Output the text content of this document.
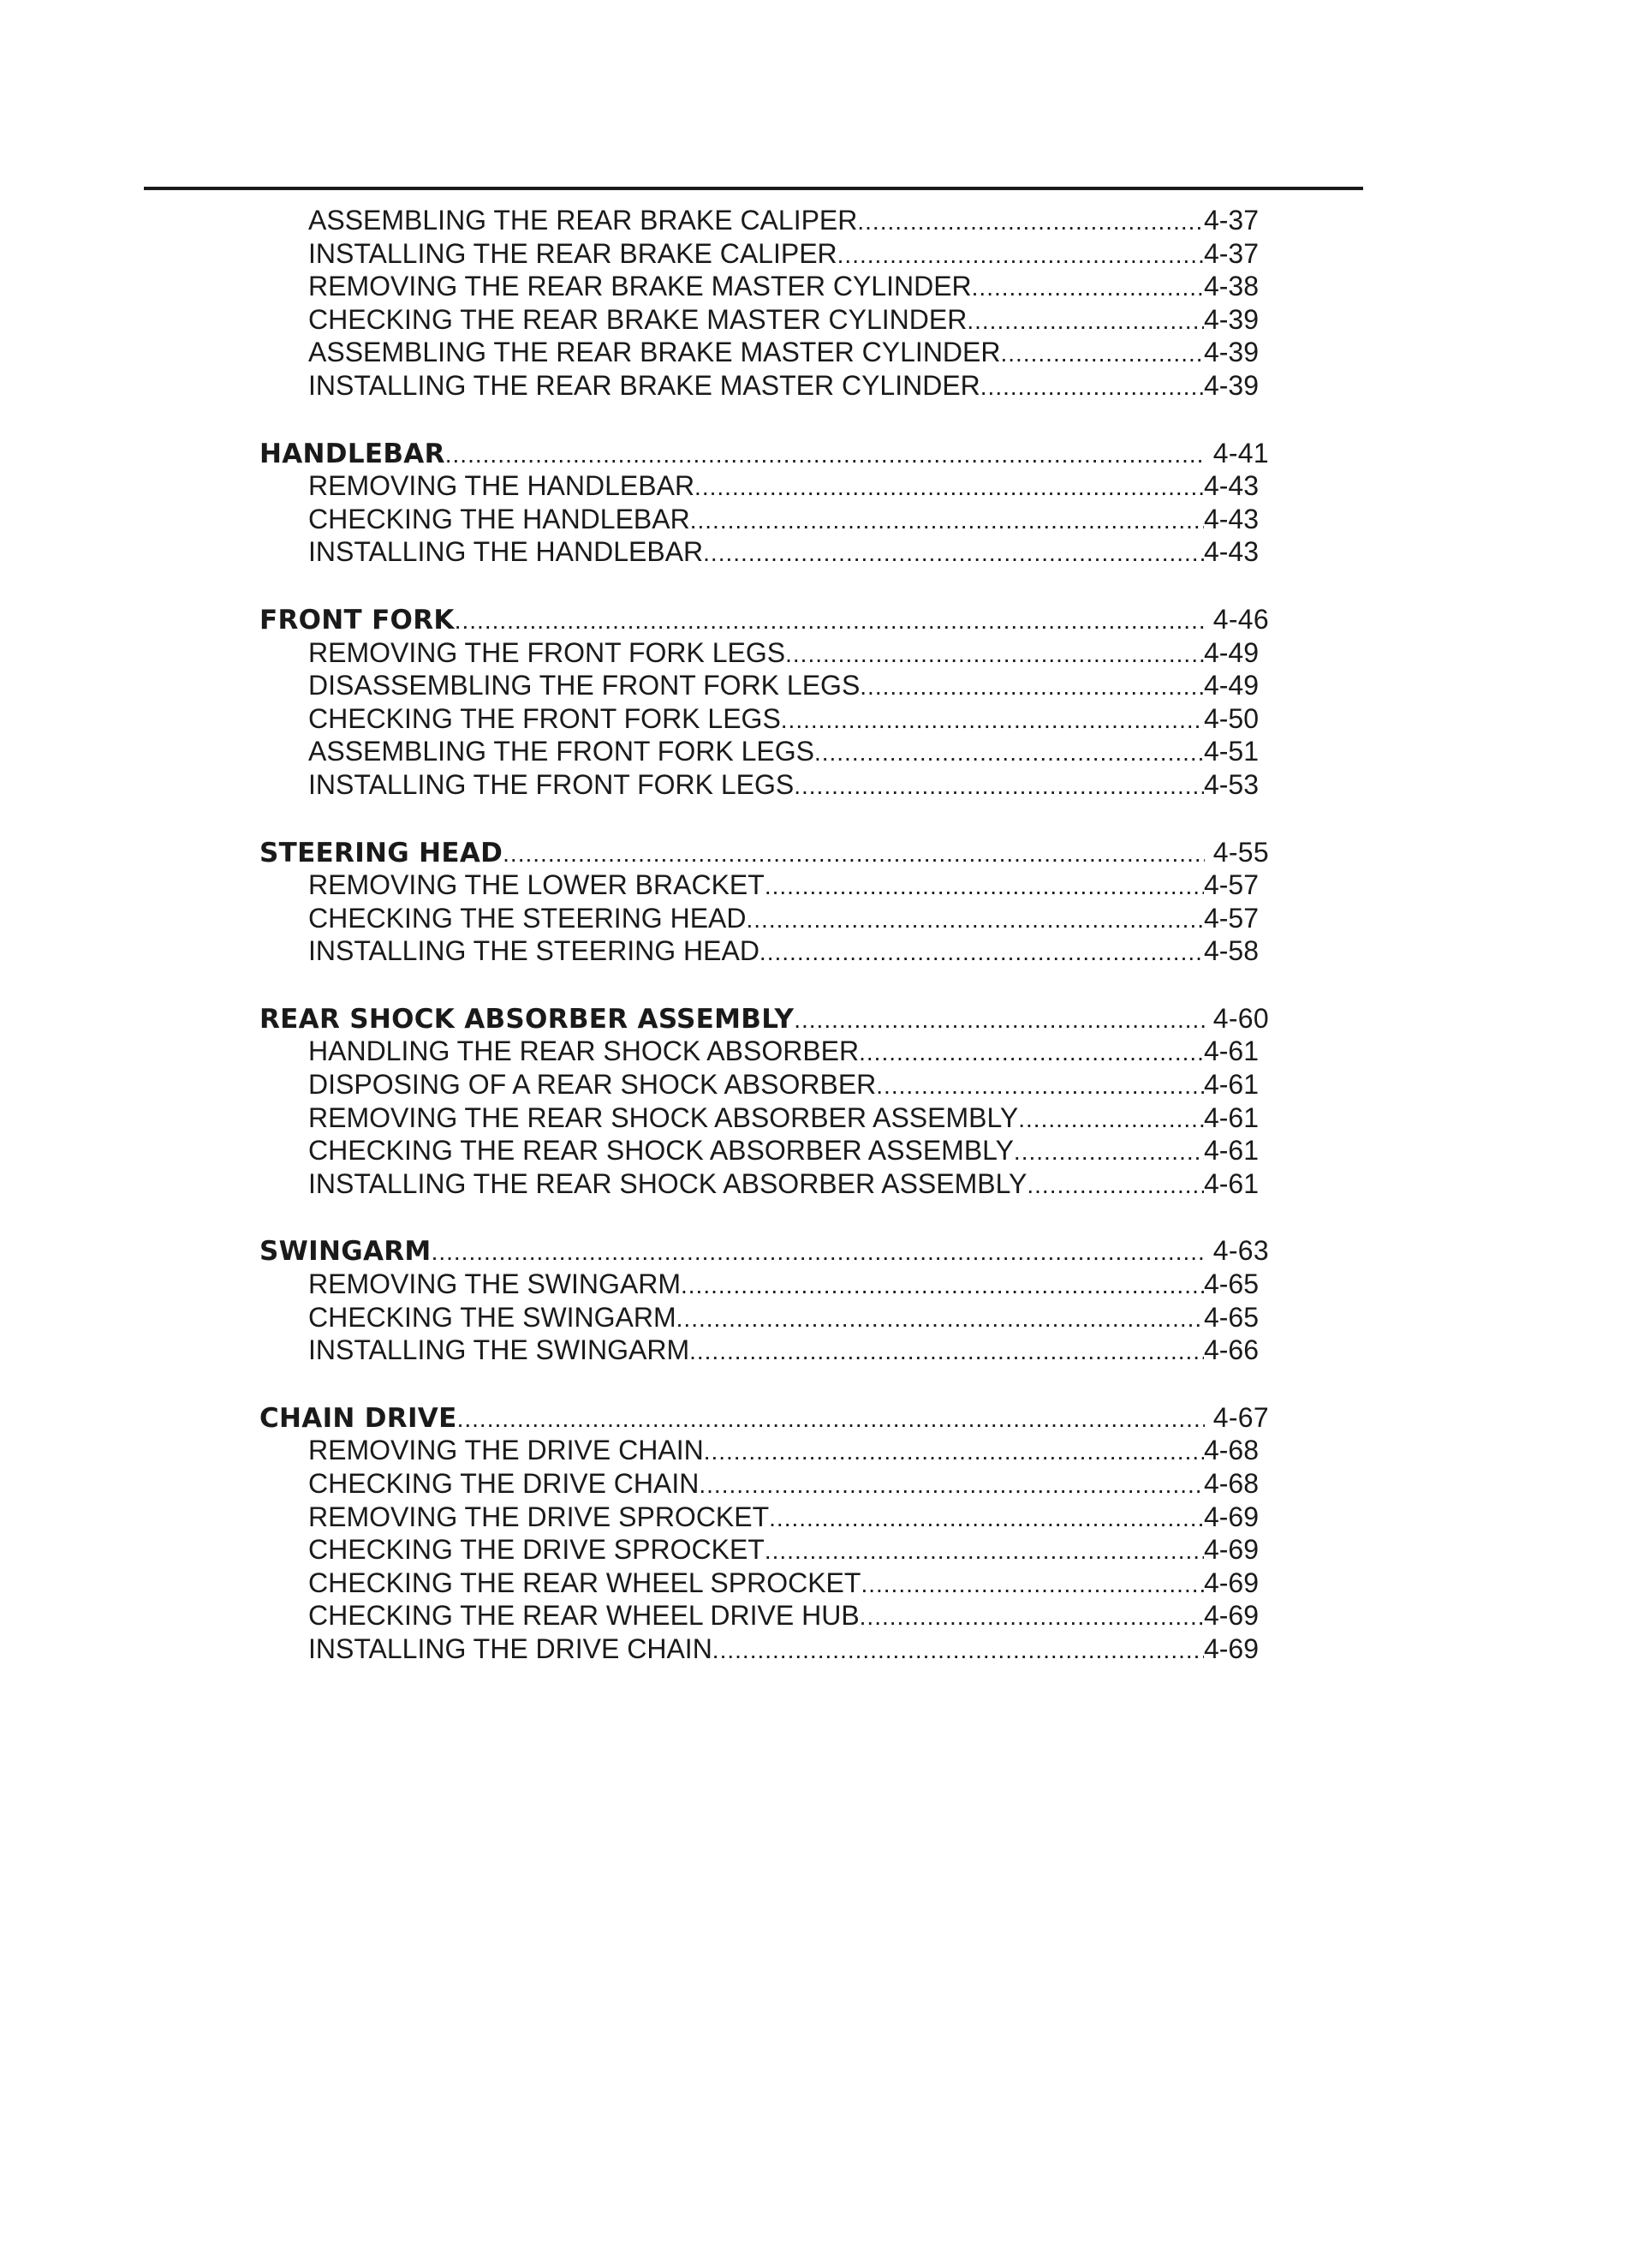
ASSEMBLING THE REAR BRAKE CALIPER .....	4-37
INSTALLING THE REAR BRAKE CALIPER .....	4-37
REMOVING THE REAR BRAKE MASTER CYLINDER .....	4-38
CHECKING THE REAR BRAKE MASTER CYLINDER .....	4-39
ASSEMBLING THE REAR BRAKE MASTER CYLINDER .....	4-39
INSTALLING THE REAR BRAKE MASTER CYLINDER .....	4-39
HANDLEBAR .....	4-41
REMOVING THE HANDLEBAR .....	4-43
CHECKING THE HANDLEBAR .....	4-43
INSTALLING THE HANDLEBAR .....	4-43
FRONT FORK .....	4-46
REMOVING THE FRONT FORK LEGS .....	4-49
DISASSEMBLING THE FRONT FORK LEGS .....	4-49
CHECKING THE FRONT FORK LEGS .....	4-50
ASSEMBLING THE FRONT FORK LEGS .....	4-51
INSTALLING THE FRONT FORK LEGS .....	4-53
STEERING HEAD .....	4-55
REMOVING THE LOWER BRACKET .....	4-57
CHECKING THE STEERING HEAD .....	4-57
INSTALLING THE STEERING HEAD .....	4-58
REAR SHOCK ABSORBER ASSEMBLY .....	4-60
HANDLING THE REAR SHOCK ABSORBER .....	4-61
DISPOSING OF A REAR SHOCK ABSORBER .....	4-61
REMOVING THE REAR SHOCK ABSORBER ASSEMBLY .....	4-61
CHECKING THE REAR SHOCK ABSORBER ASSEMBLY .....	4-61
INSTALLING THE REAR SHOCK ABSORBER ASSEMBLY .....	4-61
SWINGARM .....	4-63
REMOVING THE SWINGARM .....	4-65
CHECKING THE SWINGARM .....	4-65
INSTALLING THE SWINGARM .....	4-66
CHAIN DRIVE .....	4-67
REMOVING THE DRIVE CHAIN .....	4-68
CHECKING THE DRIVE CHAIN .....	4-68
REMOVING THE DRIVE SPROCKET .....	4-69
CHECKING THE DRIVE SPROCKET .....	4-69
CHECKING THE REAR WHEEL SPROCKET .....	4-69
CHECKING THE REAR WHEEL DRIVE HUB .....	4-69
INSTALLING THE DRIVE CHAIN .....	4-69
